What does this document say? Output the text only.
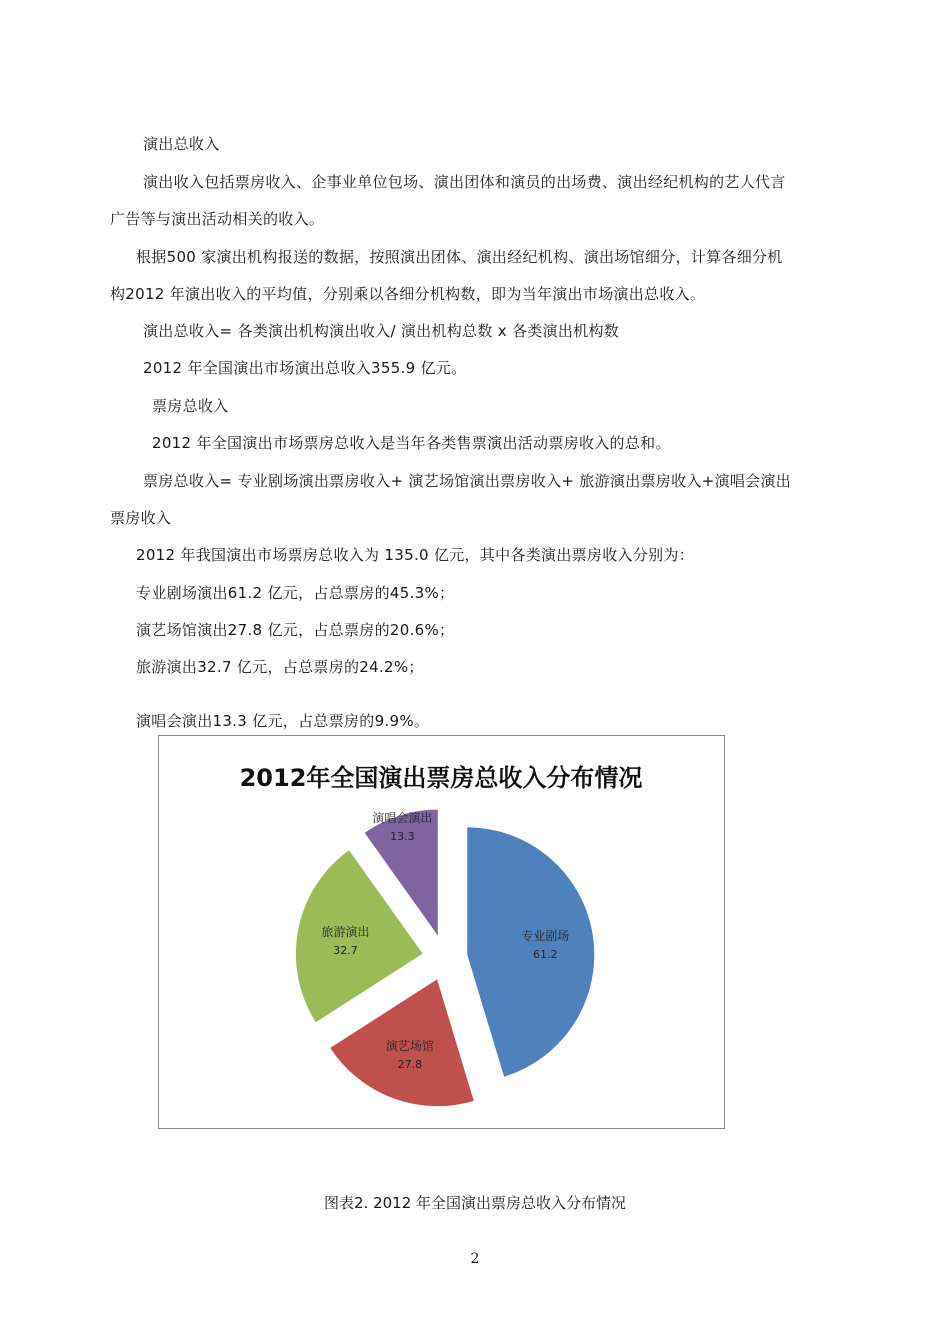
演出总收入
演出收入包括票房收入、企事业单位包场、演出团体和演员的出场费、演出经纪机构的艺人代言
广告等与演出活动相关的收入。
根据500 家演出机构报送的数据，按照演出团体、演出经纪机构、演出场馆细分，计算各细分机
构2012 年演出收入的平均值，分别乘以各细分机构数，即为当年演出市场演出总收入。
演出总收入= 各类演出机构演出收入/ 演出机构总数 x 各类演出机构数
2012 年全国演出市场演出总收入355.9 亿元。
票房总收入
2012 年全国演出市场票房总收入是当年各类售票演出活动票房收入的总和。
票房总收入= 专业剧场演出票房收入+ 演艺场馆演出票房收入+ 旅游演出票房收入+演唱会演出
票房收入
2012 年我国演出市场票房总收入为 135.0 亿元，其中各类演出票房收入分别为：
专业剧场演出61.2 亿元，占总票房的45.3%；
演艺场馆演出27.8 亿元，占总票房的20.6%；
旅游演出32.7 亿元，占总票房的24.2%；
演唱会演出13.3 亿元，占总票房的9.9%。
2012年全国演出票房总收入分布情况
专业剧场
61.2
演艺场馆
27.8
旅游演出
32.7
演唱会演出
13.3
图表2. 2012 年全国演出票房总收入分布情况
2
